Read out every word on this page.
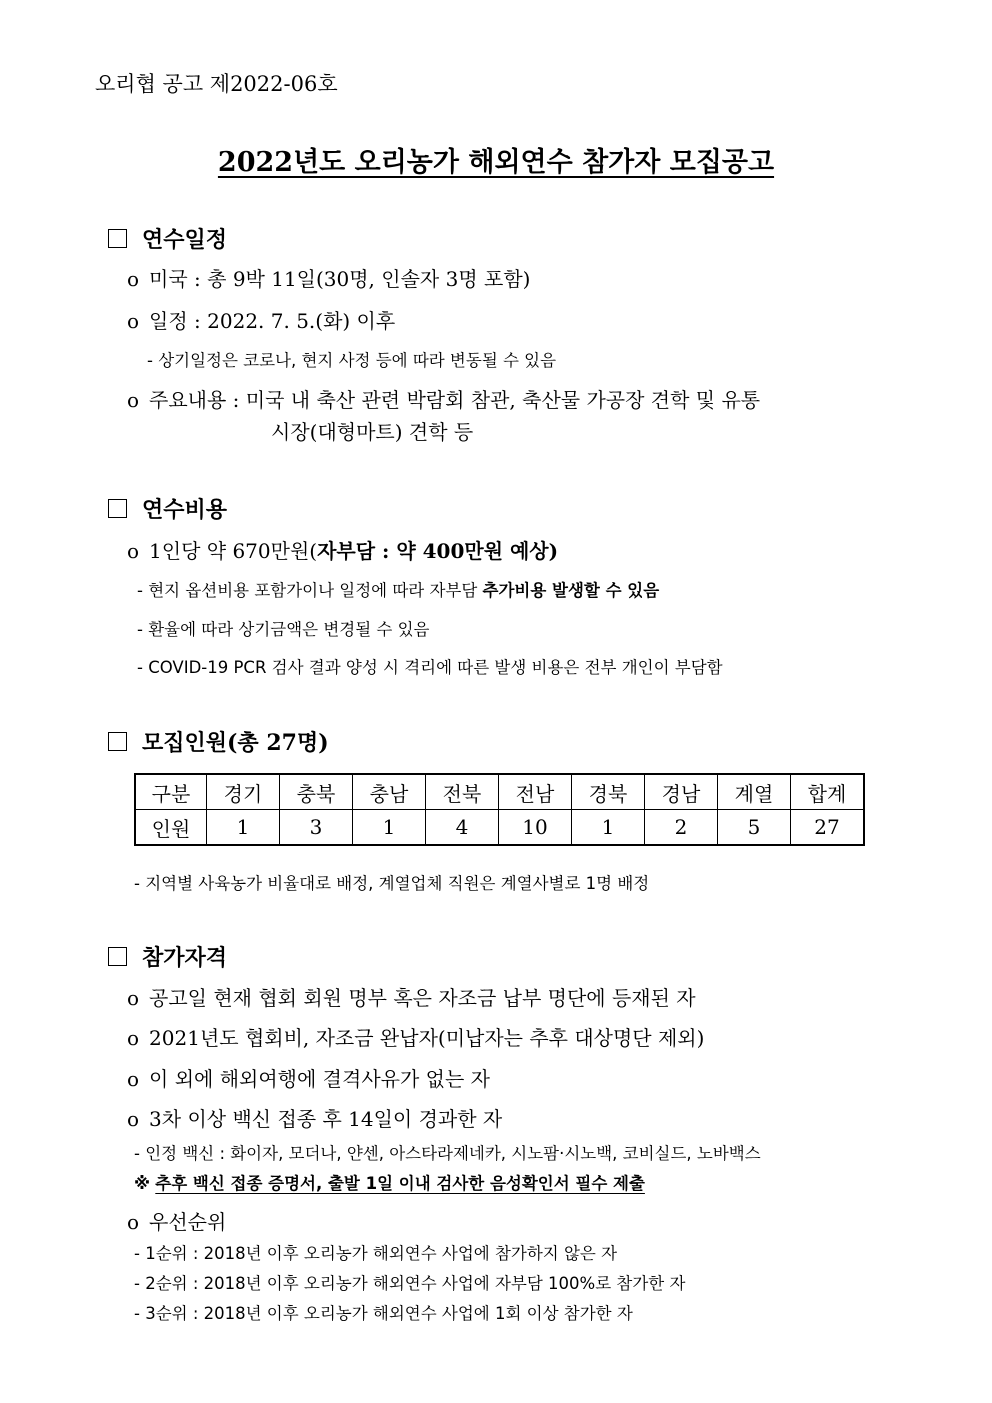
오리협 공고 제2022-06호
2022년도 오리농가 해외연수 참가자 모집공고
연수일정
o 미국 : 총 9박 11일(30명, 인솔자 3명 포함)
o 일정 : 2022. 7. 5.(화) 이후
- 상기일정은 코로나, 현지 사정 등에 따라 변동될 수 있음
o 주요내용 : 미국 내 축산 관련 박람회 참관, 축산물 가공장 견학 및 유통
시장(대형마트) 견학 등
연수비용
o 1인당 약 670만원(자부담 : 약 400만원 예상)
- 현지 옵션비용 포함가이나 일정에 따라 자부담 추가비용 발생할 수 있음
- 환율에 따라 상기금액은 변경될 수 있음
- COVID-19 PCR 검사 결과 양성 시 격리에 따른 발생 비용은 전부 개인이 부담함
모집인원(총 27명)
구분	경기	충북	충남	전북	전남	경북	경남	계열	합계
인원	1	3	1	4	10	1	2	5	27
- 지역별 사육농가 비율대로 배정, 계열업체 직원은 계열사별로 1명 배정
참가자격
o 공고일 현재 협회 회원 명부 혹은 자조금 납부 명단에 등재된 자
o 2021년도 협회비, 자조금 완납자(미납자는 추후 대상명단 제외)
o 이 외에 해외여행에 결격사유가 없는 자
o 3차 이상 백신 접종 후 14일이 경과한 자
- 인정 백신 : 화이자, 모더나, 얀센, 아스타라제네카, 시노팜·시노백, 코비실드, 노바백스
※ 추후 백신 접종 증명서, 출발 1일 이내 검사한 음성확인서 필수 제출
o 우선순위
- 1순위 : 2018년 이후 오리농가 해외연수 사업에 참가하지 않은 자
- 2순위 : 2018년 이후 오리농가 해외연수 사업에 자부담 100%로 참가한 자
- 3순위 : 2018년 이후 오리농가 해외연수 사업에 1회 이상 참가한 자
